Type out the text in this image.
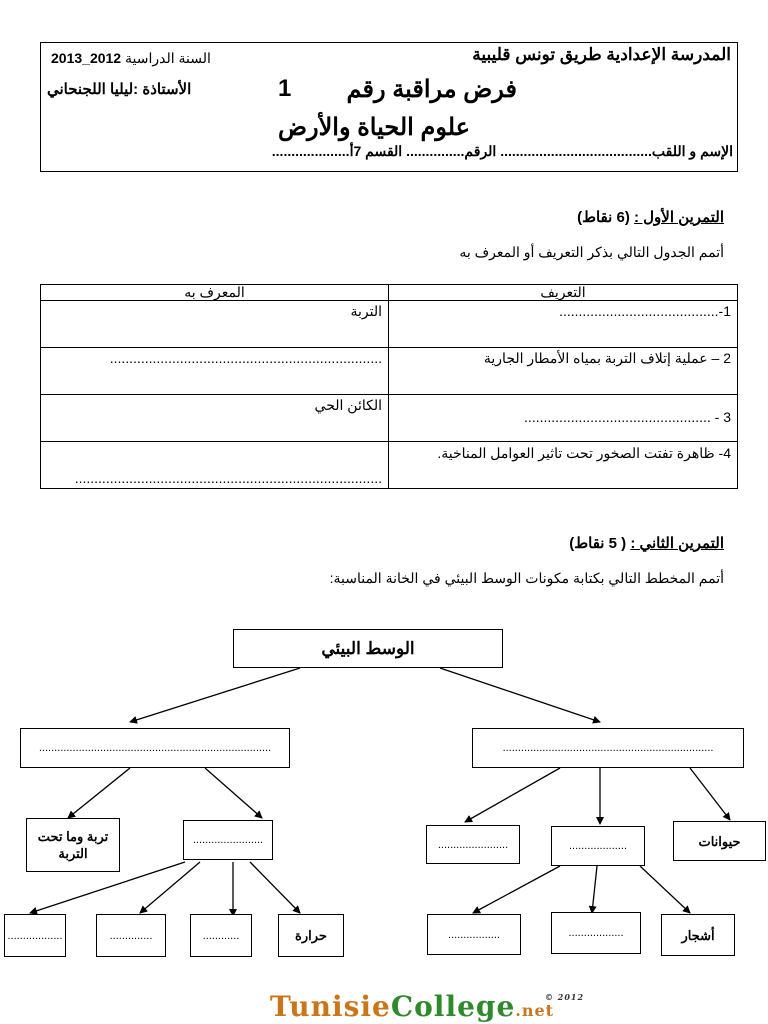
المدرسة الإعدادية طريق تونس قليبية
السنة الدراسية 2012_2013
فرض مراقبة رقم
1
الأستاذة :ليليا اللجنحاني
علوم الحياة والأرض
الإسم و اللقب....................................... الرقم............... القسم 7أ....................
التمرين الأول : (6 نقاط)
أتمم الجدول التالي بذكر التعريف أو المعرف به
التعريف	المعرف به
1-.........................................	التربة
2 – عملية إتلاف التربة بمياه الأمطار الجارية	......................................................................
3 - ................................................	الكائن الحي
4- ظاهرة تفتت الصخور تحت تاثير العوامل المناخية.	...............................................................................
التمرين الثاني : ( 5 نقاط)
أتمم المخطط التالي بكتابة مكونات الوسط البيئي في الخانة المناسبة:
الوسط البيئي
............................................................................	.....................................................................
تربة وما تحت التربة
.......................	.......................	...................	حيوانات
..................	..............	............	حرارة	.................	..................	أشجار
TunisieCollege.net
© 2012
